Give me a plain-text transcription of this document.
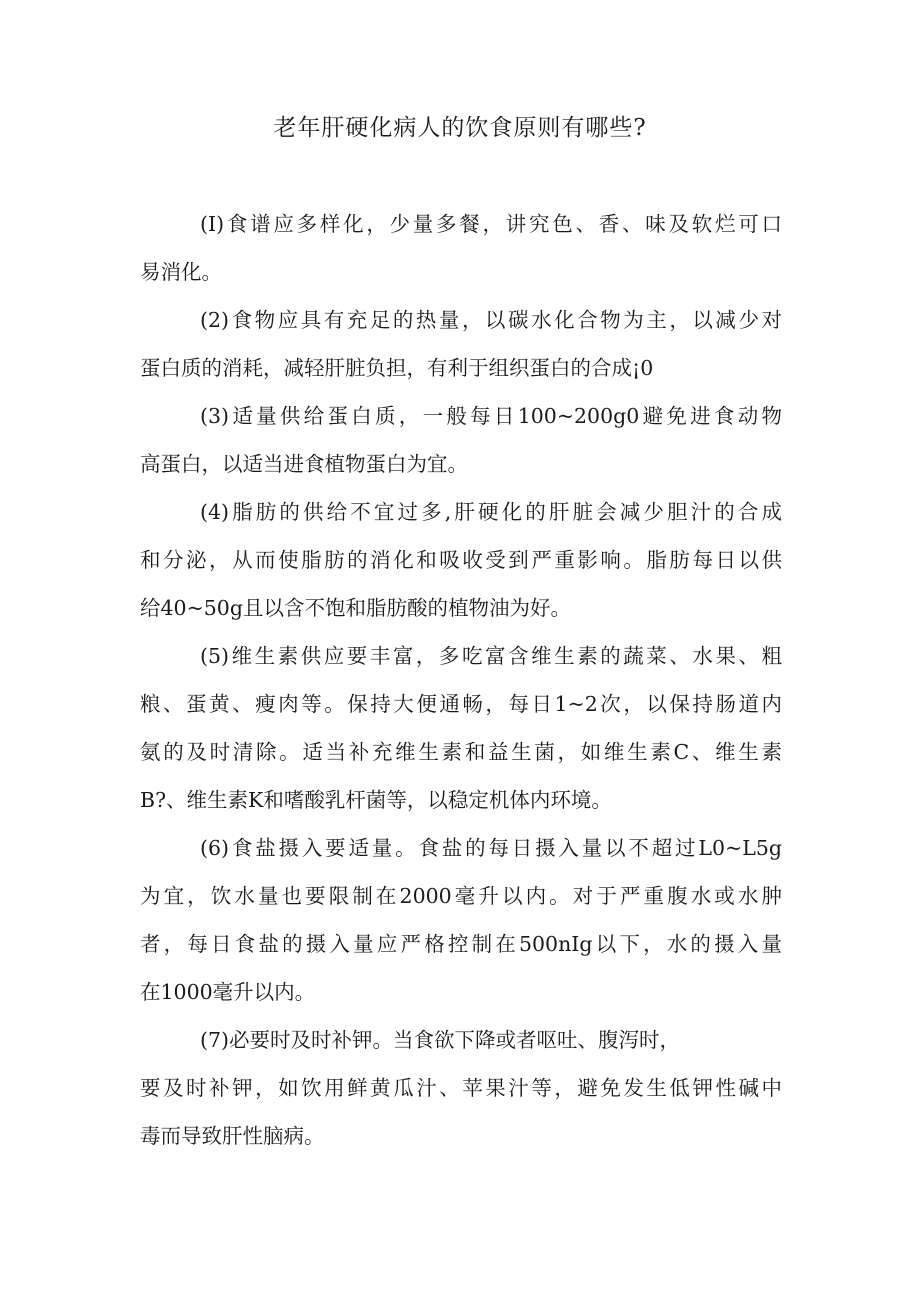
老年肝硬化病人的饮食原则有哪些?
(I)食谱应多样化，少量多餐，讲究色、香、味及软烂可口
易消化。
(2)食物应具有充足的热量，以碳水化合物为主，以减少对
蛋白质的消耗，减轻肝脏负担，有利于组织蛋白的合成¡0
(3)适量供给蛋白质，一般每日100~200g0避免进食动物
高蛋白，以适当进食植物蛋白为宜。
(4)脂肪的供给不宜过多,肝硬化的肝脏会减少胆汁的合成
和分泌，从而使脂肪的消化和吸收受到严重影响。脂肪每日以供
给40~50g且以含不饱和脂肪酸的植物油为好。
(5)维生素供应要丰富，多吃富含维生素的蔬菜、水果、粗
粮、蛋黄、瘦肉等。保持大便通畅，每日1~2次，以保持肠道内
氨的及时清除。适当补充维生素和益生菌，如维生素C、维生素
B?、维生素K和嗜酸乳杆菌等，以稳定机体内环境。
(6)食盐摄入要适量。食盐的每日摄入量以不超过L0~L5g
为宜，饮水量也要限制在2000毫升以内。对于严重腹水或水肿
者，每日食盐的摄入量应严格控制在500nIg以下，水的摄入量
在1000毫升以内。
(7)必要时及时补钾。当食欲下降或者呕吐、腹泻时，
要及时补钾，如饮用鲜黄瓜汁、苹果汁等，避免发生低钾性碱中
毒而导致肝性脑病。
